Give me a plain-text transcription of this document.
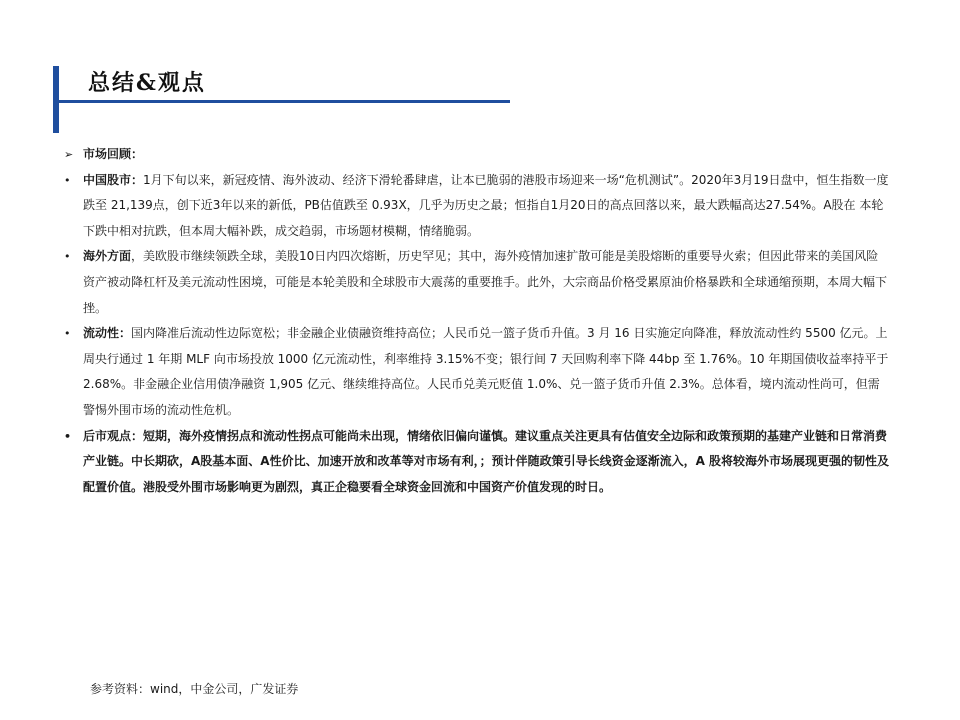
总结&观点
➢ 市场回顾：
• 中国股市：1月下旬以来，新冠疫情、海外波动、经济下滑轮番肆虐，让本已脆弱的港股市场迎来一场“危机测试”。2020年3月19日盘中，恒生指数一度跌至 21,139点，创下近3年以来的新低，PB估值跌至 0.93X，几乎为历史之最；恒指自1月20日的高点回落以来，最大跌幅高达27.54%。A股在 本轮下跌中相对抗跌，但本周大幅补跌，成交趋弱，市场题材模糊，情绪脆弱。
• 海外方面，美欧股市继续领跌全球，美股10日内四次熔断，历史罕见；其中，海外疫情加速扩散可能是美股熔断的重要导火索；但因此带来的美国风险资产被动降杠杆及美元流动性困境，可能是本轮美股和全球股市大震荡的重要推手。此外，大宗商品价格受累原油价格暴跌和全球通缩预期，本周大幅下挫。
• 流动性：国内降准后流动性边际宽松；非金融企业债融资维持高位；人民币兑一篮子货币升值。3 月 16 日实施定向降准，释放流动性约 5500 亿元。上周央行通过 1 年期 MLF 向市场投放 1000 亿元流动性，利率维持 3.15%不变；银行间 7 天回购利率下降 44bp 至 1.76%。10 年期国债收益率持平于2.68%。非金融企业信用债净融资 1,905 亿元、继续维持高位。人民币兑美元贬值 1.0%、兑一篮子货币升值 2.3%。总体看，境内流动性尚可，但需警惕外围市场的流动性危机。
• 后市观点：短期，海外疫情拐点和流动性拐点可能尚未出现，情绪依旧偏向谨慎。建议重点关注更具有估值安全边际和政策预期的基建产业链和日常消费产业链。中长期砍，A股基本面、A性价比、加速开放和改革等对市场有利，；预计伴随政策引导长线资金逐渐流入，A 股将较海外市场展现更强的韧性及配置价值。港股受外围市场影响更为剧烈，真正企稳要看全球资金回流和中国资产价值发现的时日。
参考资料：wind，中金公司，广发证券
